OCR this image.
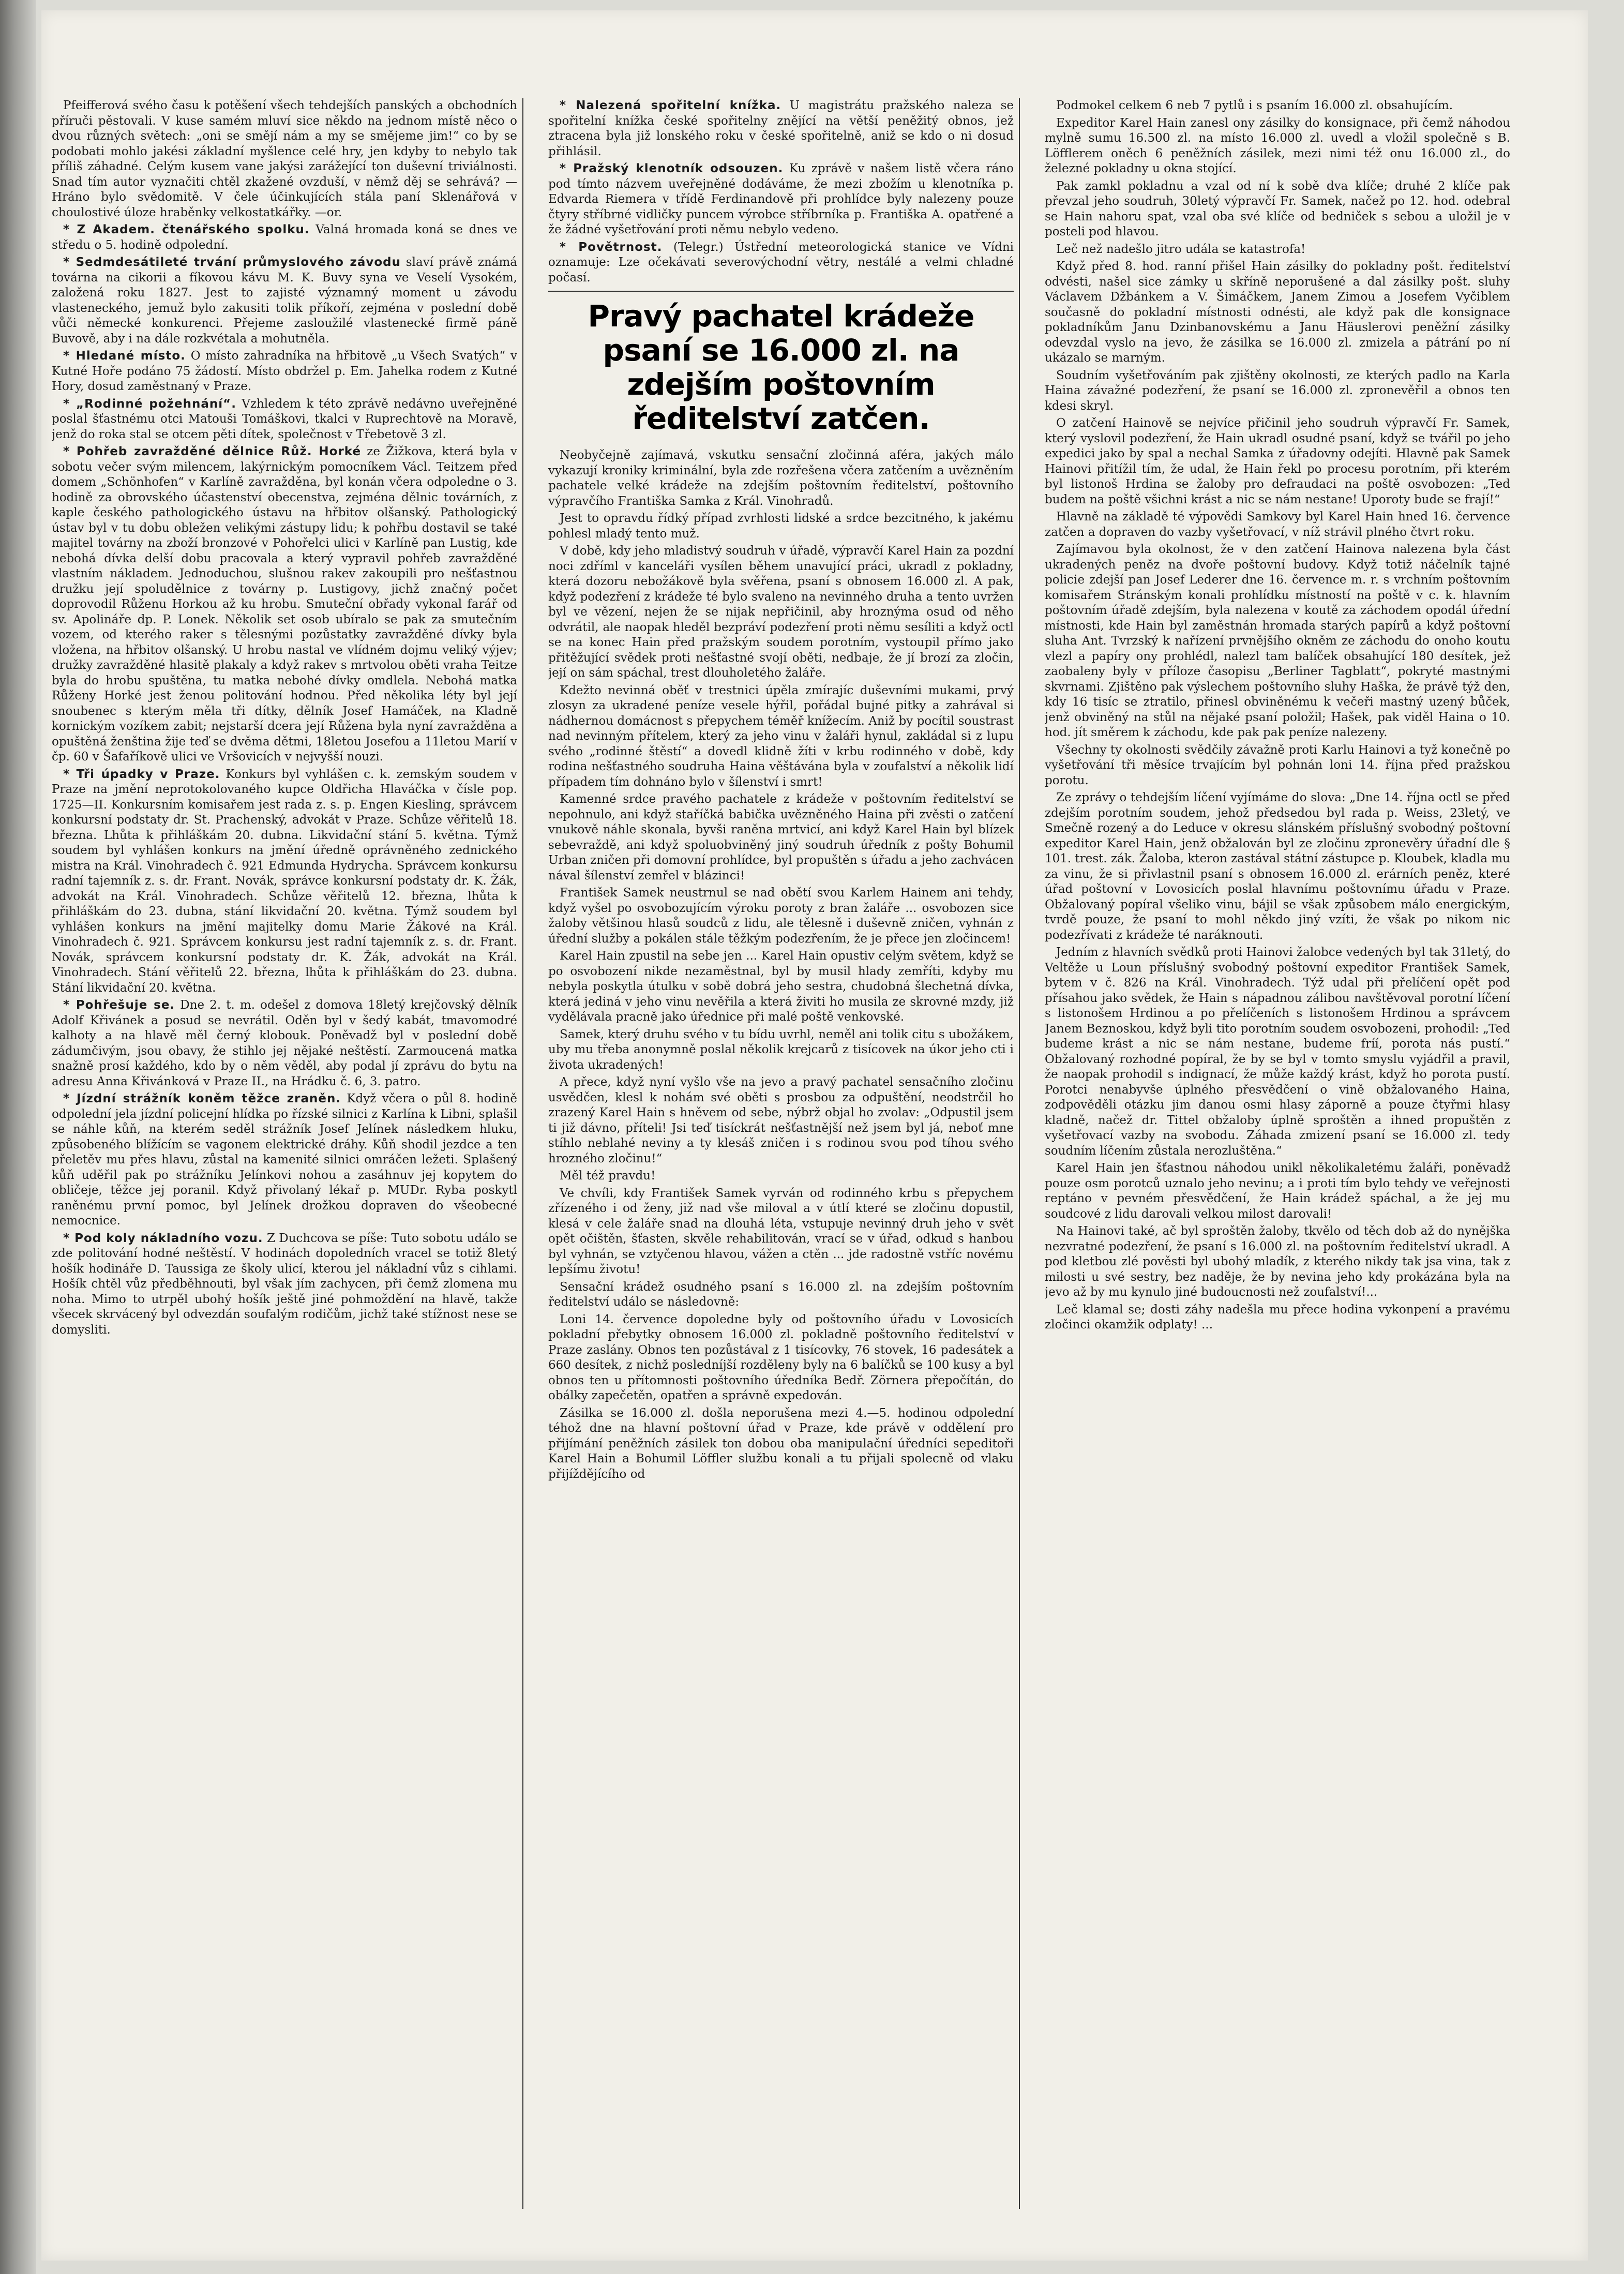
Pfeifferová svého času k potěšení všech tehdejších panských a obchodních příruči pěstovali. V kuse samém mluví sice někdo na jednom místě něco o dvou různých světech: „oni se smějí nám a my se smějeme jim!“ co by se podobati mohlo jakési základní myšlence celé hry, jen kdyby to nebylo tak příliš záhadné. Celým kusem vane jakýsi zarážející ton duševní triviálnosti. Snad tím autor vyznačiti chtěl zkažené ovzduší, v němž děj se sehrává? — Hráno bylo svědomitě. V čele účinkujících stála paní Sklenářová v choulostivé úloze hraběnky velkostatkářky. —or.

* Z Akadem. čtenářského spolku. Valná hromada koná se dnes ve středu o 5. hodině odpolední.

* Sedmdesátileté trvání průmyslového závodu slaví právě známá továrna na cikorii a fíkovou kávu M. K. Buvy syna ve Veselí Vysokém, založená roku 1827. Jest to zajisté významný moment u závodu vlasteneckého, jemuž bylo zakusiti tolik příkoří, zejména v poslední době vůči německé konkurenci. Přejeme zasloužilé vlastenecké firmě páně Buvově, aby i na dále rozkvétala a mohutněla.

* Hledané místo. O místo zahradníka na hřbitově „u Všech Svatých“ v Kutné Hoře podáno 75 žádostí. Místo obdržel p. Em. Jahelka rodem z Kutné Hory, dosud zaměstnaný v Praze.

* „Rodinné požehnání“. Vzhledem k této zprávě nedávno uveřejněné poslal šťastnému otci Matouši Tomáškovi, tkalci v Ruprechtově na Moravě, jenž do roka stal se otcem pěti dítek, společnost v Třebetově 3 zl.

* Pohřeb zavražděné dělnice Růž. Horké ze Žižkova, která byla v sobotu večer svým milencem, lakýrnickým pomocníkem Václ. Teitzem před domem „Schönhofen“ v Karlíně zavražděna, byl konán včera odpoledne o 3. hodině za obrovského účastenství obecenstva, zejména dělnic továrních, z kaple českého pathologického ústavu na hřbitov olšanský. Pathologický ústav byl v tu dobu obležen velikými zástupy lidu; k pohřbu dostavil se také majitel továrny na zboží bronzové v Pohořelci ulici v Karlíně pan Lustig, kde nebohá dívka delší dobu pracovala a který vypravil pohřeb zavražděné vlastním nákladem. Jednoduchou, slušnou rakev zakoupili pro nešťastnou družku její spoludělnice z továrny p. Lustigovy, jichž značný počet doprovodil Růženu Horkou až ku hrobu. Smuteční obřady vykonal farář od sv. Apolináře dp. P. Lonek. Několik set osob ubíralo se pak za smutečním vozem, od kterého raker s tělesnými pozůstatky zavražděné dívky byla vložena, na hřbitov olšanský. U hrobu nastal ve vlídném dojmu veliký výjev; družky zavražděné hlasitě plakaly a když rakev s mrtvolou oběti vraha Teitze byla do hrobu spuštěna, tu matka nebohé dívky omdlela. Nebohá matka Růženy Horké jest ženou politování hodnou. Před několika léty byl její snoubenec s kterým měla tři dítky, dělník Josef Hamáček, na Kladně kornickým vozíkem zabit; nejstarší dcera její Růžena byla nyní zavražděna a opuštěná ženština žije teď se dvěma dětmi, 18letou Josefou a 11letou Marií v čp. 60 v Šafaříkově ulici ve Vršovicích v nejvyšší nouzi.

* Tři úpadky v Praze. Konkurs byl vyhlášen c. k. zemským soudem v Praze na jmění neprotokolovaného kupce Oldřicha Hlaváčka v čísle pop. 1725—II. Konkursním komisařem jest rada z. s. p. Engen Kiesling, správcem konkursní podstaty dr. St. Prachenský, advokát v Praze. Schůze věřitelů 18. března. Lhůta k přihláškám 20. dubna. Likvidační stání 5. května. Týmž soudem byl vyhlášen konkurs na jmění úředně oprávněného zednického mistra na Král. Vinohradech č. 921 Edmunda Hydrycha. Správcem konkursu radní tajemník z. s. dr. Frant. Novák, správce konkursní podstaty dr. K. Žák, advokát na Král. Vinohradech. Schůze věřitelů 12. března, lhůta k přihláškám do 23. dubna, stání likvidační 20. května. Týmž soudem byl vyhlášen konkurs na jmění majitelky domu Marie Žákové na Král. Vinohradech č. 921. Správcem konkursu jest radní tajemník z. s. dr. Frant. Novák, správcem konkursní podstaty dr. K. Žák, advokát na Král. Vinohradech. Stání věřitelů 22. března, lhůta k přihláškám do 23. dubna. Stání likvidační 20. května.

* Pohřešuje se. Dne 2. t. m. odešel z domova 18letý krejčovský dělník Adolf Křivánek a posud se nevrátil. Oděn byl v šedý kabát, tmavomodré kalhoty a na hlavě měl černý klobouk. Poněvadž byl v poslední době zádumčivým, jsou obavy, že stihlo jej nějaké neštěstí. Zarmoucená matka snažně prosí každého, kdo by o něm věděl, aby podal jí zprávu do bytu na adresu Anna Křivánková v Praze II., na Hrádku č. 6, 3. patro.

* Jízdní strážník koněm těžce zraněn. Když včera o půl 8. hodině odpolední jela jízdní policejní hlídka po řízské silnici z Karlína k Libni, splašil se náhle kůň, na kterém seděl strážník Josef Jelínek následkem hluku, způsobeného blížícím se vagonem elektrické dráhy. Kůň shodil jezdce a ten přeletěv mu přes hlavu, zůstal na kamenité silnici omráčen ležeti. Splašený kůň uděřil pak po strážníku Jelínkovi nohou a zasáhnuv jej kopytem do obličeje, těžce jej poranil. Když přivolaný lékař p. MUDr. Ryba poskytl raněnému první pomoc, byl Jelínek drožkou dopraven do všeobecné nemocnice.

* Pod koly nákladního vozu. Z Duchcova se píše: Tuto sobotu událo se zde politování hodné neštěstí. V hodinách dopoledních vracel se totiž 8letý hošík hodináře D. Taussiga ze školy ulicí, kterou jel nákladní vůz s cihlami. Hošík chtěl vůz předběhnouti, byl však jím zachycen, při čemž zlomena mu noha. Mimo to utrpěl ubohý hošík ještě jiné pohmoždění na hlavě, takže všecek skrvácený byl odvezdán soufalým rodičům, jichž také stížnost nese se domysliti.

* Nalezená spořitelní knížka. U magistrátu pražského naleza se spořitelní knížka české spořitelny znějící na větší peněžitý obnos, jež ztracena byla již lonského roku v české spořitelně, aniž se kdo o ni dosud přihlásil.

* Pražský klenotník odsouzen. Ku zprávě v našem listě včera ráno pod tímto názvem uveřejněné dodáváme, že mezi zbožím u klenotníka p. Edvarda Riemera v třídě Ferdinandově při prohlídce byly nalezeny pouze čtyry stříbrné vidličky puncem výrobce stříbrníka p. Františka A. opatřené a že žádné vyšetřování proti němu nebylo vedeno.

* Povětrnost. (Telegr.) Ústřední meteorologická stanice ve Vídni oznamuje: Lze očekávati severovýchodní větry, nestálé a velmi chladné počasí.

Pravý pachatel krádeže psaní se 16.000 zl. na zdejším poštovním ředitelství zatčen.

Neobyčejně zajímavá, vskutku sensační zločinná aféra, jakých málo vykazují kroniky kriminální, byla zde rozřešena včera zatčením a uvězněním pachatele velké krádeže na zdejším poštovním ředitelství, poštovního výpravčího Františka Samka z Král. Vinohradů.

Jest to opravdu řídký případ zvrhlosti lidské a srdce bezcitného, k jakému pohlesl mladý tento muž.

V době, kdy jeho mladistvý soudruh v úřadě, výpravčí Karel Hain za pozdní noci zdříml v kanceláři vysílen během unavující práci, ukradl z pokladny, která dozoru nebožákově byla svěřena, psaní s obnosem 16.000 zl. A pak, když podezření z krádeže té bylo svaleno na nevinného druha a tento uvržen byl ve vězení, nejen že se nijak nepřičinil, aby hroznýma osud od něho odvrátil, ale naopak hleděl bezpráví podezření proti němu sesíliti a když octl se na konec Hain před pražským soudem porotním, vystoupil přímo jako přitěžující svědek proti nešťastné svojí oběti, nedbaje, že jí brozí za zločin, její on sám spáchal, trest dlouholetého žaláře.

Kdežto nevinná oběť v trestnici úpěla zmírajíc duševními mukami, prvý zlosyn za ukradené peníze vesele hýřil, pořádal bujné pitky a zahrával si nádhernou domácnost s přepychem téměř knížecím. Aniž by pocítil soustrast nad nevinným přítelem, který za jeho vinu v žaláři hynul, zakládal si z lupu svého „rodinné štěstí“ a dovedl klidně žíti v krbu rodinného v době, kdy rodina nešťastného soudruha Haina věštávána byla v zoufalství a několik lidí případem tím dohnáno bylo v šílenství i smrt!

Kamenné srdce pravého pachatele z krádeže v poštovním ředitelství se nepohnulo, ani když staříčká babička uvězněného Haina při zvěsti o zatčení vnukově náhle skonala, byvši raněna mrtvicí, ani když Karel Hain byl blízek sebevraždě, ani když spoluobviněný jiný soudruh úředník z pošty Bohumil Urban zničen při domovní prohlídce, byl propuštěn s úřadu a jeho zachvácen nával šílenství zemřel v blázinci!

František Samek neustrnul se nad obětí svou Karlem Hainem ani tehdy, když vyšel po osvobozujícím výroku poroty z bran žaláře ... osvobozen sice žaloby většinou hlasů soudců z lidu, ale tělesně i duševně zničen, vyhnán z úřední služby a pokálen stále těžkým podezřením, že je přece jen zločincem!

Karel Hain zpustil na sebe jen ... Karel Hain opustiv celým světem, když se po osvobození nikde nezaměstnal, byl by musil hlady zemříti, kdyby mu nebyla poskytla útulku v sobě dobrá jeho sestra, chudobná šlechetná dívka, která jediná v jeho vinu nevěřila a která živiti ho musila ze skrovné mzdy, již vydělávala pracně jako úřednice při malé poště venkovské.

Samek, který druhu svého v tu bídu uvrhl, neměl ani tolik citu s ubožákem, uby mu třeba anonymně poslal několik krejcarů z tisícovek na úkor jeho cti i života ukradených!

A přece, když nyní vyšlo vše na jevo a pravý pachatel sensačního zločinu usvědčen, klesl k nohám své oběti s prosbou za odpuštění, neodstrčil ho zrazený Karel Hain s hněvem od sebe, nýbrž objal ho zvolav: „Odpustil jsem ti již dávno, příteli! Jsi teď tisíckrát nešťastnější než jsem byl já, neboť mne stíhlo neblahé neviny a ty klesáš zničen i s rodinou svou pod tíhou svého hrozného zločinu!“

Měl též pravdu!

Ve chvíli, kdy František Samek vyrván od rodinného krbu s přepychem zřízeného i od ženy, již nad vše miloval a v útlí které se zločinu dopustil, klesá v cele žaláře snad na dlouhá léta, vstupuje nevinný druh jeho v svět opět očištěn, šťasten, skvěle rehabilitován, vrací se v úřad, odkud s hanbou byl vyhnán, se vztyčenou hlavou, vážen a ctěn ... jde radostně vstříc novému lepšímu životu!

Sensační krádež osudného psaní s 16.000 zl. na zdejším poštovním ředitelství událo se následovně:

Loni 14. července dopoledne byly od poštovního úřadu v Lovosicích pokladní přebytky obnosem 16.000 zl. pokladně poštovního ředitelství v Praze zaslány. Obnos ten pozůstával z 1 tisícovky, 76 stovek, 16 padesátek a 660 desítek, z nichž posledníjší rozděleny byly na 6 balíčků se 100 kusy a byl obnos ten u přítomnosti poštovního úředníka Bedř. Zörnera přepočítán, do obálky zapečetěn, opatřen a správně expedován.

Zásilka se 16.000 zl. došla neporušena mezi 4.—5. hodinou odpolední téhož dne na hlavní poštovní úřad v Praze, kde právě v oddělení pro přijímání peněžních zásilek ton dobou oba manipulační úředníci sepeditoři Karel Hain a Bohumil Löffler službu konali a tu přijali spolecně od vlaku přijíždějícího od

Podmokel celkem 6 neb 7 pytlů i s psaním 16.000 zl. obsahujícím.

Expeditor Karel Hain zanesl ony zásilky do konsignace, při čemž náhodou mylně sumu 16.500 zl. na místo 16.000 zl. uvedl a vložil společně s B. Löfflerem oněch 6 peněžních zásilek, mezi nimi též onu 16.000 zl., do železné pokladny u okna stojící.

Pak zamkl pokladnu a vzal od ní k sobě dva klíče; druhé 2 klíče pak převzal jeho soudruh, 30letý výpravčí Fr. Samek, načež po 12. hod. odebral se Hain nahoru spat, vzal oba své klíče od bedniček s sebou a uložil je v posteli pod hlavou.

Leč než nadešlo jitro udála se katastrofa!

Když před 8. hod. ranní přišel Hain zásilky do pokladny pošt. ředitelství odvésti, našel sice zámky u skříně neporušené a dal zásilky pošt. sluhy Václavem Džbánkem a V. Šimáčkem, Janem Zimou a Josefem Vyčiblem současně do pokladní místnosti odnésti, ale když pak dle konsignace pokladníkům Janu Dzinbanovskému a Janu Häuslerovi peněžní zásilky odevzdal vyslo na jevo, že zásilka se 16.000 zl. zmizela a pátrání po ní ukázalo se marným.

Soudním vyšetřováním pak zjištěny okolnosti, ze kterých padlo na Karla Haina závažné podezření, že psaní se 16.000 zl. zpronevěřil a obnos ten kdesi skryl.

O zatčení Hainově se nejvíce přičinil jeho soudruh výpravčí Fr. Samek, který vyslovil podezření, že Hain ukradl osudné psaní, když se tvářil po jeho expedici jako by spal a nechal Samka z úřadovny odejíti. Hlavně pak Samek Hainovi přitížil tím, že udal, že Hain řekl po procesu porotním, při kterém byl listonoš Hrdina se žaloby pro defraudaci na poště osvobozen: „Teď budem na poště všichni krást a nic se nám nestane! Uporoty bude se frají!“

Hlavně na základě té výpovědi Samkovy byl Karel Hain hned 16. července zatčen a dopraven do vazby vyšetřovací, v níž strávil plného čtvrt roku.

Zajímavou byla okolnost, že v den zatčení Hainova nalezena byla část ukradených peněz na dvoře poštovní budovy. Když totiž náčelník tajné policie zdejší pan Josef Lederer dne 16. července m. r. s vrchním poštovním komisařem Stránským konali prohlídku místností na poště v c. k. hlavním poštovním úřadě zdejším, byla nalezena v koutě za záchodem opodál úřední místnosti, kde Hain byl zaměstnán hromada starých papírů a když poštovní sluha Ant. Tvrzský k nařízení prvnějšího okněm ze záchodu do onoho koutu vlezl a papíry ony prohlédl, nalezl tam balíček obsahující 180 desítek, jež zaobaleny byly v příloze časopisu „Berliner Tagblatt“, pokryté mastnými skvrnami. Zjištěno pak výslechem poštovního sluhy Haška, že právě týž den, kdy 16 tisíc se ztratilo, přinesl obviněnému k večeři mastný uzený bůček, jenž obviněný na stůl na nějaké psaní položil; Hašek, pak viděl Haina o 10. hod. jít směrem k záchodu, kde pak pak peníze nalezeny.

Všechny ty okolnosti svědčily závažně proti Karlu Hainovi a tyž konečně po vyšetřování tři měsíce trvajícím byl pohnán loni 14. října před pražskou porotu.

Ze zprávy o tehdejším líčení vyjímáme do slova: „Dne 14. října octl se před zdejším porotním soudem, jehož předsedou byl rada p. Weiss, 23letý, ve Smečně rozený a do Leduce v okresu slánském příslušný svobodný poštovní expeditor Karel Hain, jenž obžalován byl ze zločinu zpronevěry úřadní dle § 101. trest. zák. Žaloba, kteron zastával státní zástupce p. Kloubek, kladla mu za vinu, že si přivlastnil psaní s obnosem 16.000 zl. erárních peněz, které úřad poštovní v Lovosicích poslal hlavnímu poštovnímu úřadu v Praze. Obžalovaný popíral všeliko vinu, bájil se však způsobem málo energickým, tvrdě pouze, že psaní to mohl někdo jiný vzíti, že však po nikom nic podezřívati z krádeže té naráknouti.

Jedním z hlavních svědků proti Hainovi žalobce vedených byl tak 31letý, do Veltěže u Loun příslušný svobodný poštovní expeditor František Samek, bytem v č. 826 na Král. Vinohradech. Týž udal při přelíčení opět pod přísahou jako svědek, že Hain s nápadnou zálibou navštěvoval porotní líčení s listonošem Hrdinou a po přelíčeních s listonošem Hrdinou a správcem Janem Beznoskou, když byli tito porotním soudem osvobozeni, prohodil: „Teď budeme krást a nic se nám nestane, budeme fríí, porota nás pustí.“ Obžalovaný rozhodné popíral, že by se byl v tomto smyslu vyjádřil a pravil, že naopak prohodil s indignací, že může každý krást, když ho porota pustí. Porotci nenabyvše úplného přesvědčení o vině obžalovaného Haina, zodpověděli otázku jim danou osmi hlasy záporně a pouze čtyřmi hlasy kladně, načež dr. Tittel obžaloby úplně sproštěn a ihned propuštěn z vyšetřovací vazby na svobodu. Záhada zmizení psaní se 16.000 zl. tedy soudním líčením zůstala nerozluštěna.“

Karel Hain jen šťastnou náhodou unikl několikaletému žaláři, poněvadž pouze osm porotců uznalo jeho nevinu; a i proti tím bylo tehdy ve veřejnosti reptáno v pevném přesvědčení, že Hain krádež spáchal, a že jej mu soudcové z lidu darovali velkou milost darovali!

Na Hainovi také, ač byl sproštěn žaloby, tkvělo od těch dob až do nynějška nezvratné podezření, že psaní s 16.000 zl. na poštovním ředitelství ukradl. A pod kletbou zlé pověsti byl ubohý mladík, z kterého nikdy tak jsa vina, tak z milosti u své sestry, bez naděje, že by nevina jeho kdy prokázána byla na jevo až by mu kynulo jiné budoucnosti než zoufalství!...

Leč klamal se; dosti záhy nadešla mu přece hodina vykonpení a pravému zločinci okamžik odplaty! ...
